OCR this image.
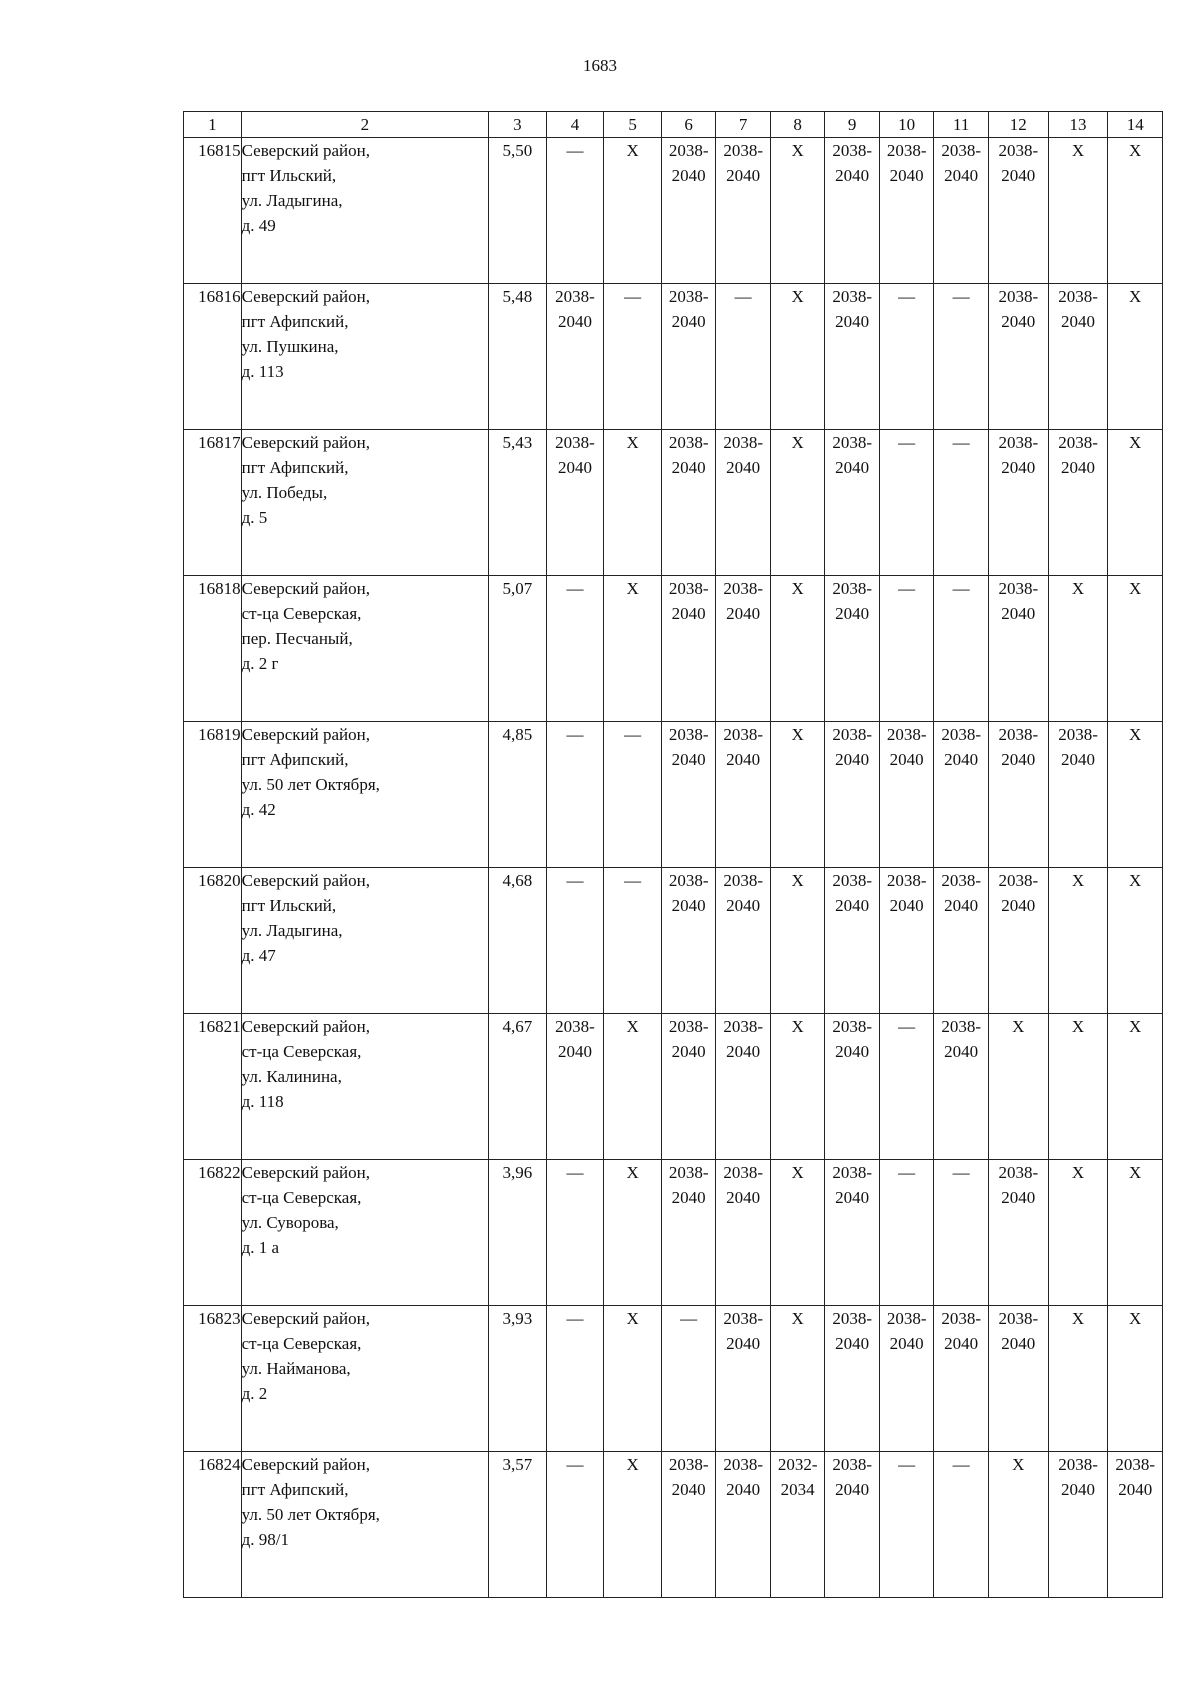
1683
1	2	3	4	5	6	7	8	9	10	11	12	13	14
16815	Северский район,
пгт Ильский,
ул. Ладыгина,
д. 49	5,50	—	Х	2038-
2040	2038-
2040	Х	2038-
2040	2038-
2040	2038-
2040	2038-
2040	Х	Х
16816	Северский район,
пгт Афипский,
ул. Пушкина,
д. 113	5,48	2038-
2040	—	2038-
2040	—	Х	2038-
2040	—	—	2038-
2040	2038-
2040	Х
16817	Северский район,
пгт Афипский,
ул. Победы,
д. 5	5,43	2038-
2040	Х	2038-
2040	2038-
2040	Х	2038-
2040	—	—	2038-
2040	2038-
2040	Х
16818	Северский район,
ст-ца Северская,
пер. Песчаный,
д. 2 г	5,07	—	Х	2038-
2040	2038-
2040	Х	2038-
2040	—	—	2038-
2040	Х	Х
16819	Северский район,
пгт Афипский,
ул. 50 лет Октября,
д. 42	4,85	—	—	2038-
2040	2038-
2040	Х	2038-
2040	2038-
2040	2038-
2040	2038-
2040	2038-
2040	Х
16820	Северский район,
пгт Ильский,
ул. Ладыгина,
д. 47	4,68	—	—	2038-
2040	2038-
2040	Х	2038-
2040	2038-
2040	2038-
2040	2038-
2040	Х	Х
16821	Северский район,
ст-ца Северская,
ул. Калинина,
д. 118	4,67	2038-
2040	Х	2038-
2040	2038-
2040	Х	2038-
2040	—	2038-
2040	Х	Х	Х
16822	Северский район,
ст-ца Северская,
ул. Суворова,
д. 1 а	3,96	—	Х	2038-
2040	2038-
2040	Х	2038-
2040	—	—	2038-
2040	Х	Х
16823	Северский район,
ст-ца Северская,
ул. Найманова,
д. 2	3,93	—	Х	—	2038-
2040	Х	2038-
2040	2038-
2040	2038-
2040	2038-
2040	Х	Х
16824	Северский район,
пгт Афипский,
ул. 50 лет Октября,
д. 98/1	3,57	—	Х	2038-
2040	2038-
2040	2032-
2034	2038-
2040	—	—	Х	2038-
2040	2038-
2040
